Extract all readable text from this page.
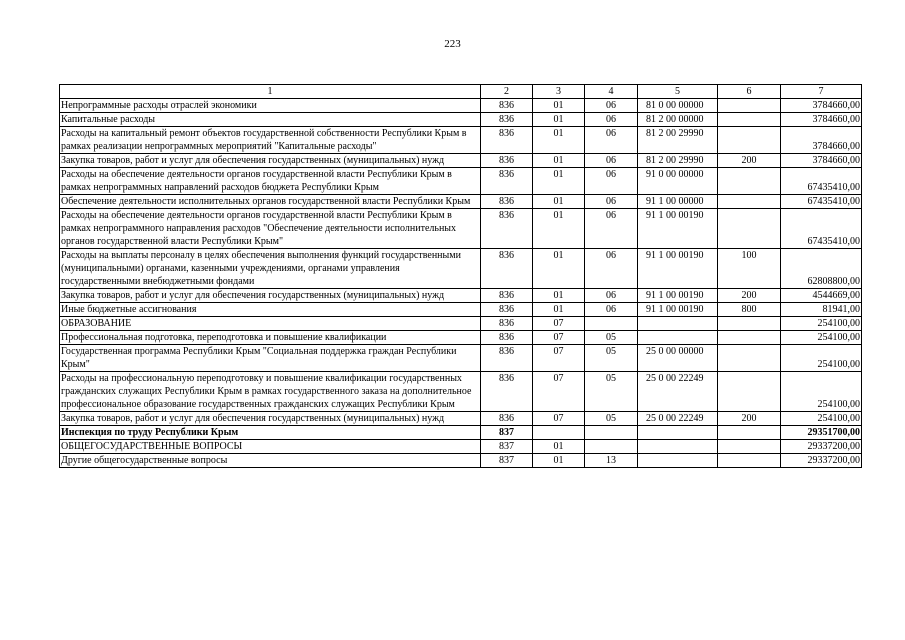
223
1	2	3	4	5	6	7
Непрограммные расходы отраслей экономики	836	01	06	81 0 00 00000		3784660,00
Капитальные расходы	836	01	06	81 2 00 00000		3784660,00
Расходы на капитальный ремонт объектов государственной собственности Республики Крым в рамках реализации непрограммных мероприятий "Капитальные расходы"	836	01	06	81 2 00 29990		3784660,00
Закупка товаров, работ и услуг для обеспечения государственных (муниципальных) нужд	836	01	06	81 2 00 29990	200	3784660,00
Расходы на обеспечение деятельности органов государственной власти Республики Крым в рамках непрограммных направлений расходов бюджета Республики Крым	836	01	06	91 0 00 00000		67435410,00
Обеспечение деятельности исполнительных органов государственной власти Республики Крым	836	01	06	91 1 00 00000		67435410,00
Расходы на обеспечение деятельности органов государственной власти Республики Крым в рамках непрограммного направления расходов "Обеспечение деятельности исполнительных органов государственной власти Республики Крым"	836	01	06	91 1 00 00190		67435410,00
Расходы на выплаты персоналу в целях обеспечения выполнения функций государственными (муниципальными) органами, казенными учреждениями, органами управления государственными внебюджетными фондами	836	01	06	91 1 00 00190	100	62808800,00
Закупка товаров, работ и услуг для обеспечения государственных (муниципальных) нужд	836	01	06	91 1 00 00190	200	4544669,00
Иные бюджетные ассигнования	836	01	06	91 1 00 00190	800	81941,00
ОБРАЗОВАНИЕ	836	07				254100,00
Профессиональная подготовка, переподготовка и повышение квалификации	836	07	05			254100,00
Государственная программа Республики Крым "Социальная поддержка граждан Республики Крым"	836	07	05	25 0 00 00000		254100,00
Расходы на профессиональную переподготовку и повышение квалификации государственных гражданских служащих Республики Крым в рамках государственного заказа на дополнительное профессиональное образование государственных гражданских служащих Республики Крым	836	07	05	25 0 00 22249		254100,00
Закупка товаров, работ и услуг для обеспечения государственных (муниципальных) нужд	836	07	05	25 0 00 22249	200	254100,00
Инспекция по труду Республики Крым	837					29351700,00
ОБЩЕГОСУДАРСТВЕННЫЕ ВОПРОСЫ	837	01				29337200,00
Другие общегосударственные вопросы	837	01	13			29337200,00
